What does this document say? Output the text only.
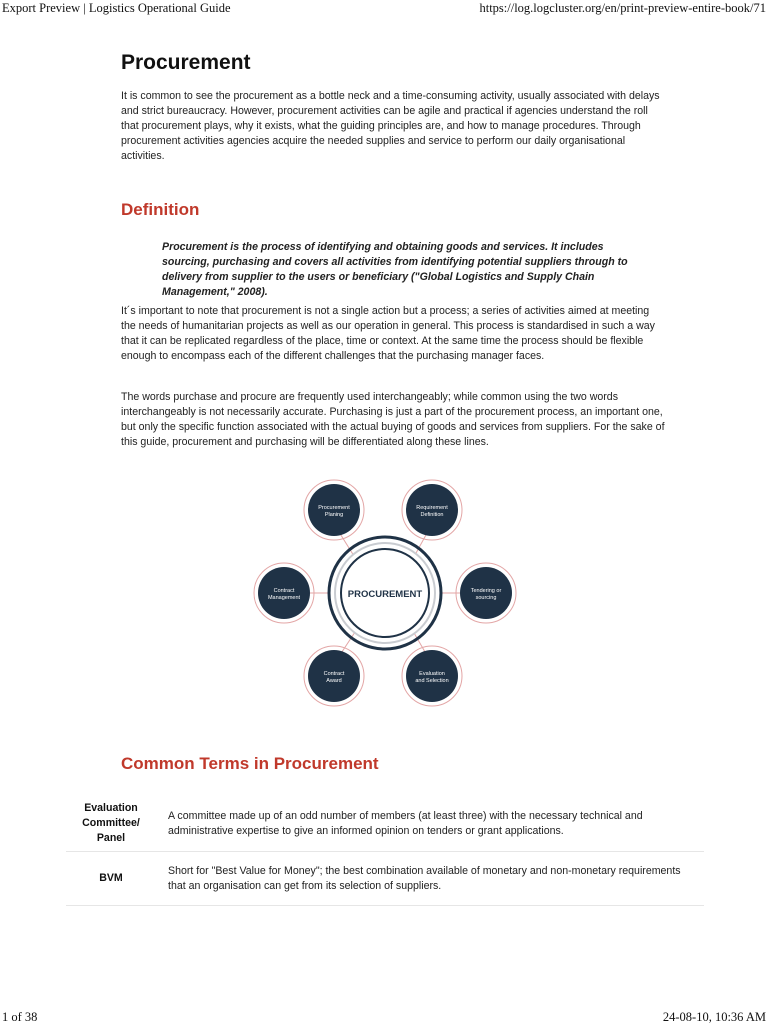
Export Preview | Logistics Operational Guide	https://log.logcluster.org/en/print-preview-entire-book/71
Procurement

It is common to see the procurement as a bottle neck and a time-consuming activity, usually associated with delays and strict bureaucracy. However, procurement activities can be agile and practical if agencies understand the roll that procurement plays, why it exists, what the guiding principles are, and how to manage procedures. Through procurement activities agencies acquire the needed supplies and service to perform our daily organisational activities.

Definition

Procurement is the process of identifying and obtaining goods and services. It includes sourcing, purchasing and covers all activities from identifying potential suppliers through to delivery from supplier to the users or beneficiary ("Global Logistics and Supply Chain Management," 2008).

It´s important to note that procurement is not a single action but a process; a series of activities aimed at meeting the needs of humanitarian projects as well as our operation in general. This process is standardised in such a way that it can be replicated regardless of the place, time or context. At the same time the process should be flexible enough to encompass each of the different challenges that the purchasing manager faces.

The words purchase and procure are frequently used interchangeably; while common using the two words interchangeably is not necessarily accurate. Purchasing is just a part of the procurement process, an important one, but only the specific function associated with the actual buying of goods and services from suppliers. For the sake of this guide, procurement and purchasing will be differentiated along these lines.

PROCUREMENT
Procurement
Planing
Requirement
Definition
Tendering or
sourcing
Evaluation
and Selection
Contract
Award
Contract
Management
Common Terms in Procurement
Evaluation
Committee/
Panel
A committee made up of an odd number of members (at least three) with the necessary technical and administrative expertise to give an informed opinion on tenders or grant applications.
BVM
Short for "Best Value for Money"; the best combination available of monetary and non-monetary requirements that an organisation can get from its selection of suppliers.
1 of 38	24-08-10, 10:36 AM
